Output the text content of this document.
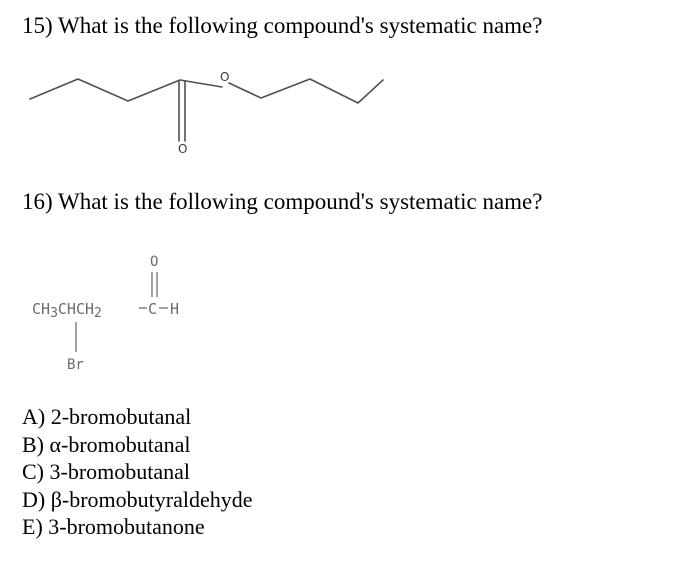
15) What is the following compound's systematic name?
O
O
16) What is the following compound's systematic name?
O
CH3CHCH2	C H
Br
A) 2-bromobutanal
B) α-bromobutanal
C) 3-bromobutanal
D) β-bromobutyraldehyde
E) 3-bromobutanone
